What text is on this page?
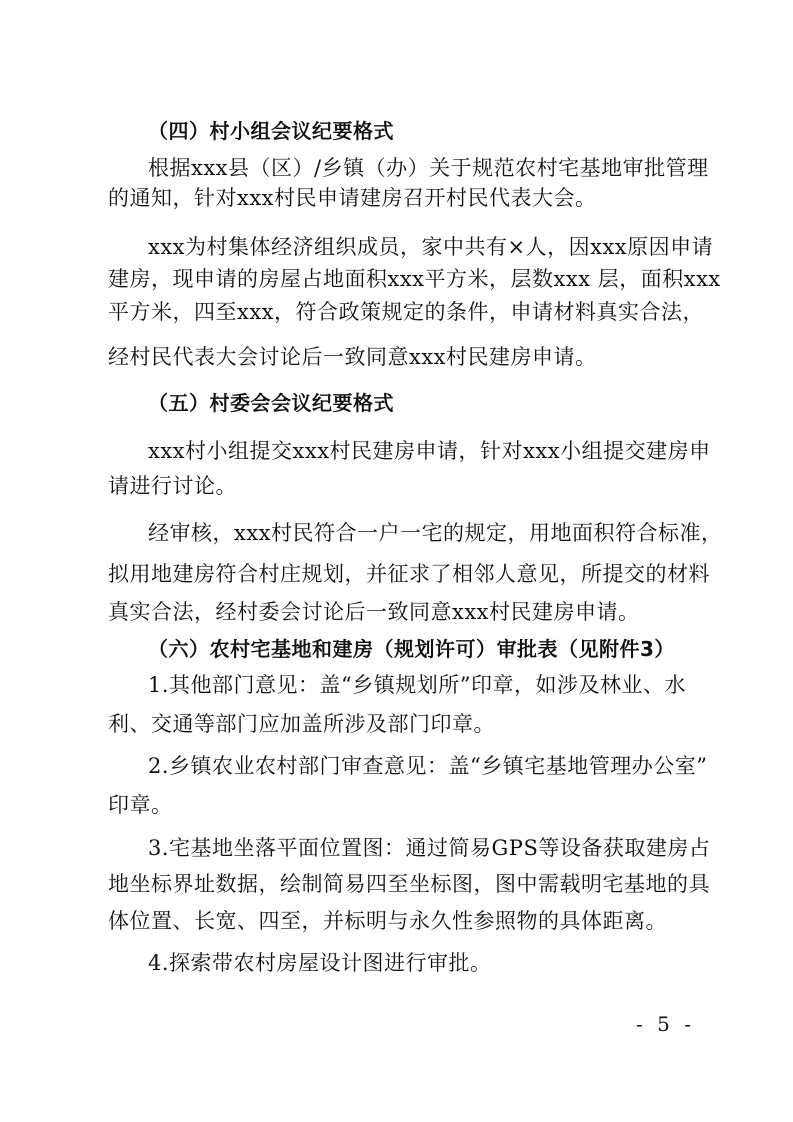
（四）村小组会议纪要格式
根据xxx县（区）/乡镇（办）关于规范农村宅基地审批管理
的通知，针对xxx村民申请建房召开村民代表大会。
xxx为村集体经济组织成员，家中共有×人，因xxx原因申请
建房，现申请的房屋占地面积xxx平方米，层数xxx 层，面积xxx
平方米，四至xxx，符合政策规定的条件，申请材料真实合法，
经村民代表大会讨论后一致同意xxx村民建房申请。
（五）村委会会议纪要格式
xxx村小组提交xxx村民建房申请，针对xxx小组提交建房申
请进行讨论。
经审核，xxx村民符合一户一宅的规定，用地面积符合标准，
拟用地建房符合村庄规划，并征求了相邻人意见，所提交的材料
真实合法，经村委会讨论后一致同意xxx村民建房申请。
（六）农村宅基地和建房（规划许可）审批表（见附件3）
1.其他部门意见：盖“乡镇规划所”印章，如涉及林业、水
利、交通等部门应加盖所涉及部门印章。
2.乡镇农业农村部门审查意见：盖“乡镇宅基地管理办公室”
印章。
3.宅基地坐落平面位置图：通过简易GPS等设备获取建房占
地坐标界址数据，绘制简易四至坐标图，图中需载明宅基地的具
体位置、长宽、四至，并标明与永久性参照物的具体距离。
4.探索带农村房屋设计图进行审批。
- 5 -
